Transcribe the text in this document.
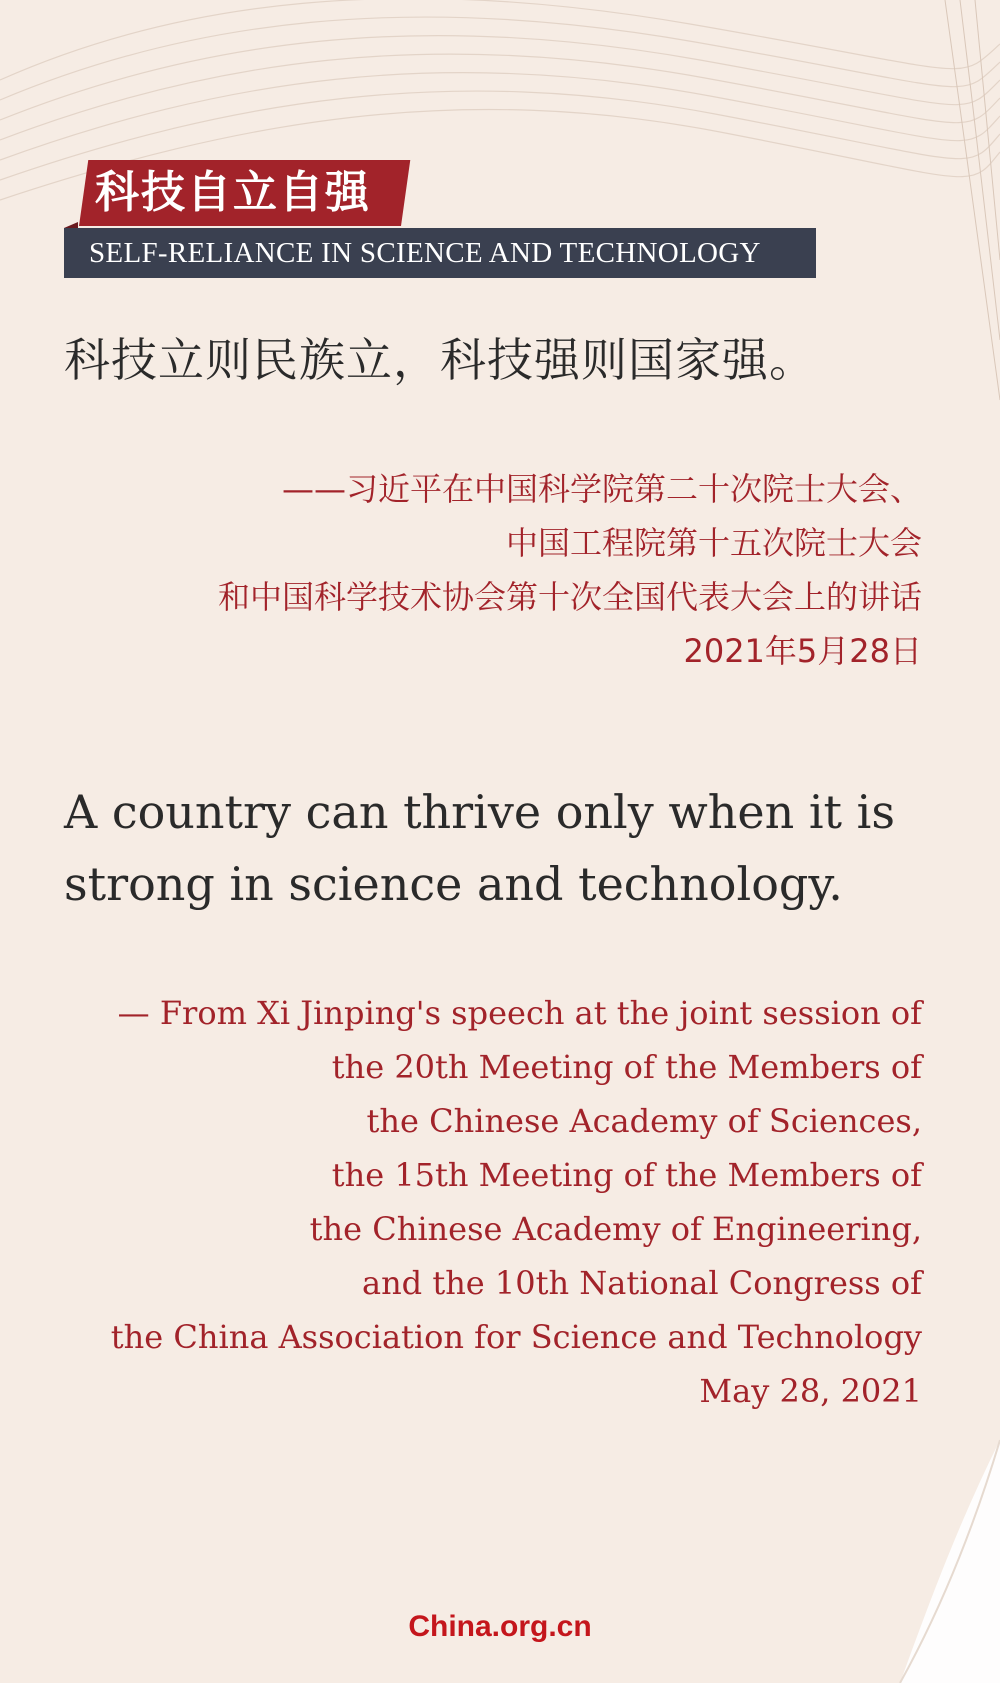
科技自立自强
SELF-RELIANCE IN SCIENCE AND TECHNOLOGY
科技立则民族立，科技强则国家强。
——习近平在中国科学院第二十次院士大会、
中国工程院第十五次院士大会
和中国科学技术协会第十次全国代表大会上的讲话
2021年5月28日
A country can thrive only when it is
strong in science and technology.
— From Xi Jinping's speech at the joint session of
the 20th Meeting of the Members of
the Chinese Academy of Sciences,
the 15th Meeting of the Members of
the Chinese Academy of Engineering,
and the 10th National Congress of
the China Association for Science and Technology
May 28, 2021
China.org.cn
